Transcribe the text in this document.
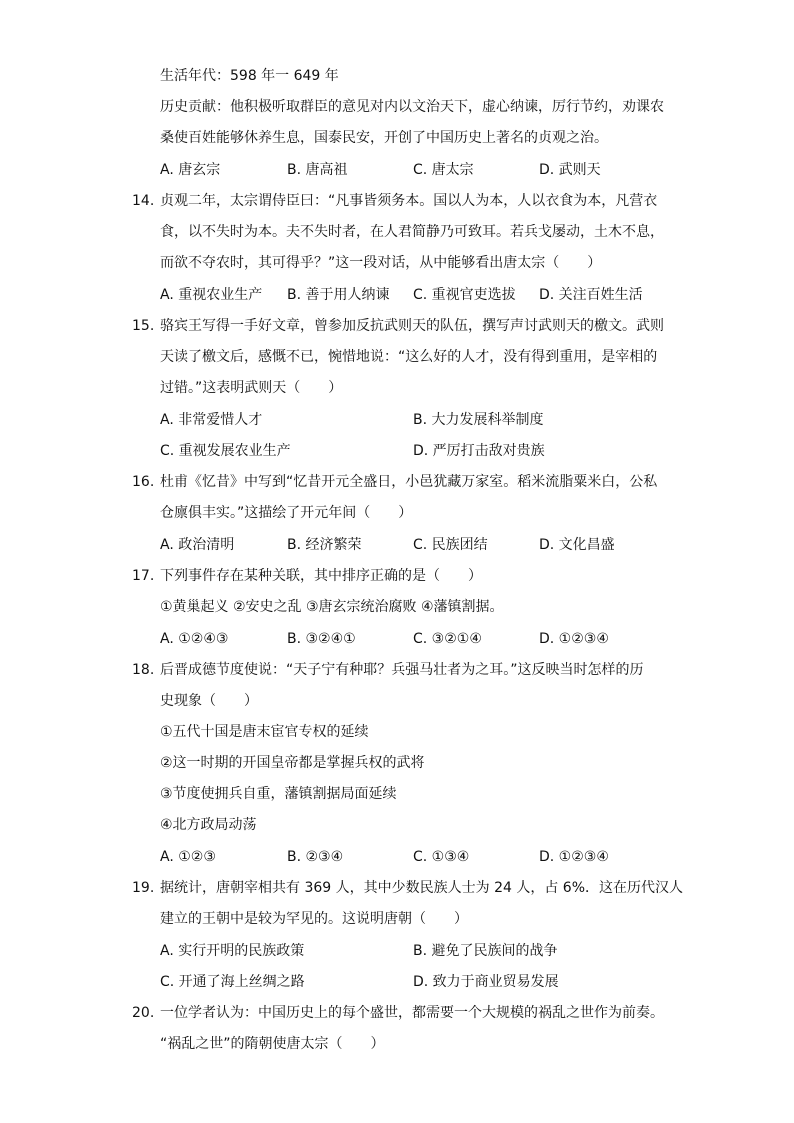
生活年代：598 年一 649 年
历史贡献：他积极听取群臣的意见对内以文治天下，虚心纳谏，厉行节约，劝课农
桑使百姓能够休养生息，国泰民安，开创了中国历史上著名的贞观之治。
A. 唐玄宗	B. 唐高祖	C. 唐太宗	D. 武则天
14. 贞观二年，太宗谓侍臣曰：“凡事皆须务本。国以人为本，人以衣食为本，凡营衣
食，以不失时为本。夫不失时者，在人君简静乃可致耳。若兵戈屡动，土木不息，
而欲不夺农时，其可得乎？”这一段对话，从中能够看出唐太宗（　　）
A. 重视农业生产 B. 善于用人纳谏 C. 重视官吏选拔 D. 关注百姓生活
15. 骆宾王写得一手好文章，曾参加反抗武则天的队伍，撰写声讨武则天的檄文。武则
天读了檄文后，感慨不已，惋惜地说：“这么好的人才，没有得到重用，是宰相的
过错。”这表明武则天（　　）
A. 非常爱惜人才	B. 大力发展科举制度
C. 重视发展农业生产	D. 严厉打击敌对贵族
16. 杜甫《忆昔》中写到“忆昔开元全盛日，小邑犹藏万家室。稻米流脂粟米白，公私
仓廪俱丰实。”这描绘了开元年间（　　）
A. 政治清明	B. 经济繁荣	C. 民族团结	D. 文化昌盛
17. 下列事件存在某种关联，其中排序正确的是（　　）
①黄巢起义 ②安史之乱 ③唐玄宗统治腐败 ④藩镇割据。
A. ①②④③	B. ③②④①	C. ③②①④	D. ①②③④
18. 后晋成德节度使说：“天子宁有种耶？兵强马壮者为之耳。”这反映当时怎样的历
史现象（　　）
①五代十国是唐末宦官专权的延续
②这一时期的开国皇帝都是掌握兵权的武将
③节度使拥兵自重，藩镇割据局面延续
④北方政局动荡
A. ①②③	B. ②③④	C. ①③④	D. ①②③④
19. 据统计，唐朝宰相共有 369 人，其中少数民族人士为 24 人，占 6%．这在历代汉人
建立的王朝中是较为罕见的。这说明唐朝（　　）
A. 实行开明的民族政策	B. 避免了民族间的战争
C. 开通了海上丝绸之路	D. 致力于商业贸易发展
20. 一位学者认为：中国历史上的每个盛世，都需要一个大规模的祸乱之世作为前奏。
“祸乱之世”的隋朝使唐太宗（　　）
